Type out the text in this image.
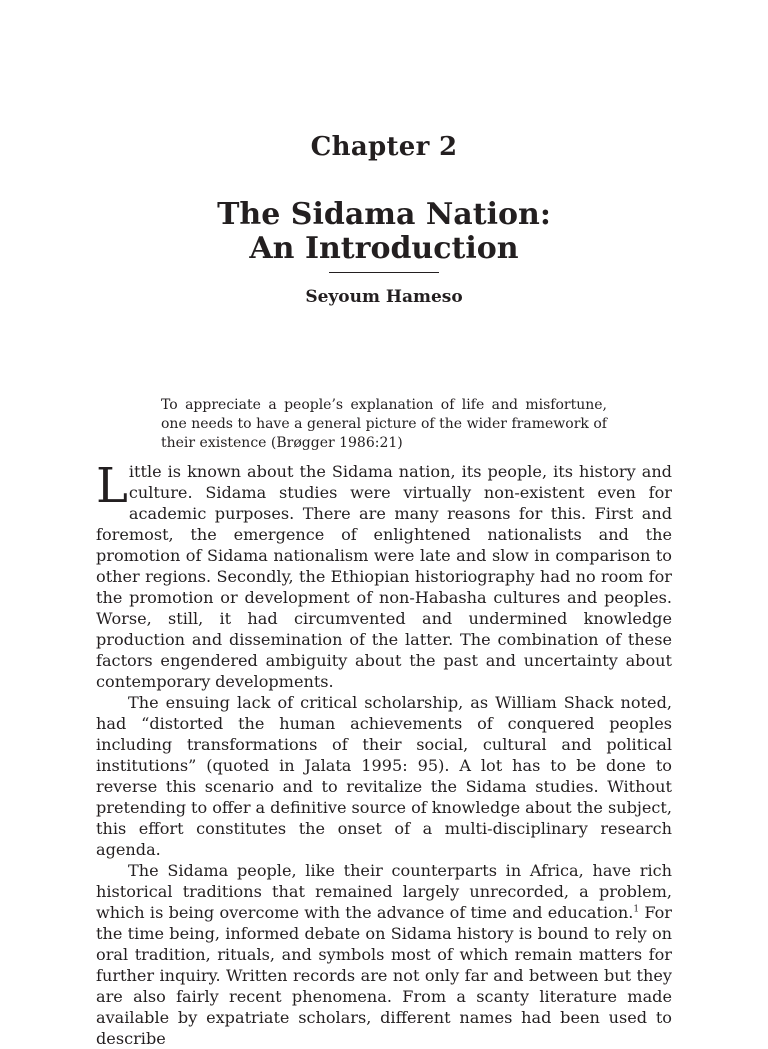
Chapter 2
The Sidama Nation:
An Introduction
Seyoum Hameso
To appreciate a people’s explanation of life and misfortune, one needs to have a general picture of the wider framework of their existence (Brøgger 1986:21)

Little is known about the Sidama nation, its people, its history and culture. Sidama studies were virtually non-existent even for academic purposes. There are many reasons for this. First and foremost, the emergence of enlightened nationalists and the promotion of Sidama nationalism were late and slow in comparison to other regions. Secondly, the Ethiopian historiography had no room for the promotion or development of non-Habasha cultures and peoples. Worse, still, it had circumvented and undermined knowledge production and dissemination of the latter. The combination of these factors engendered ambiguity about the past and uncertainty about contemporary developments.

The ensuing lack of critical scholarship, as William Shack noted, had “distorted the human achievements of conquered peoples including transformations of their social, cultural and political institutions” (quoted in Jalata 1995: 95). A lot has to be done to reverse this scenario and to revitalize the Sidama studies. Without pretending to offer a definitive source of knowledge about the subject, this effort constitutes the onset of a multi-disciplinary research agenda.

The Sidama people, like their counterparts in Africa, have rich historical traditions that remained largely unrecorded, a problem, which is being overcome with the advance of time and education.$^1$ For the time being, informed debate on Sidama history is bound to rely on oral tradition, rituals, and symbols most of which remain matters for further inquiry. Written records are not only far and between but they are also fairly recent phenomena. From a scanty literature made available by expatriate scholars, different names had been used to describe
